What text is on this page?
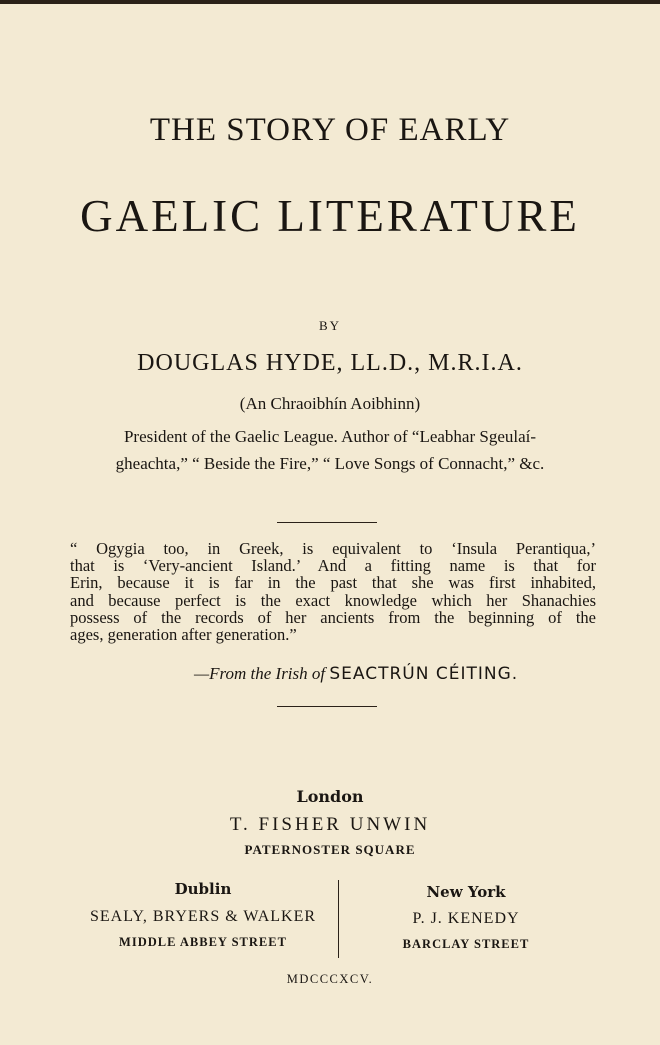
THE STORY OF EARLY
GAELIC LITERATURE
BY
DOUGLAS HYDE, LL.D., M.R.I.A.
(An Chraoibhín Aoibhinn)
President of the Gaelic League. Author of “Leabhar Sgeulaí-
gheachta,” “ Beside the Fire,” “ Love Songs of Connacht,” &c.
“ Ogygia too, in Greek, is equivalent to ‘Insula Perantiqua,’
that is ‘Very-ancient Island.’ And a fitting name is that for
Erin, because it is far in the past that she was first inhabited,
and because perfect is the exact knowledge which her Shanachies
possess of the records of her ancients from the beginning of the
ages, generation after generation.”
—From the Irish of SEACTRÚN CÉITING.
London
T. FISHER UNWIN
PATERNOSTER SQUARE
Dublin
SEALY, BRYERS & WALKER
MIDDLE ABBEY STREET
New York
P. J. KENEDY
BARCLAY STREET
MDCCCXCV.
